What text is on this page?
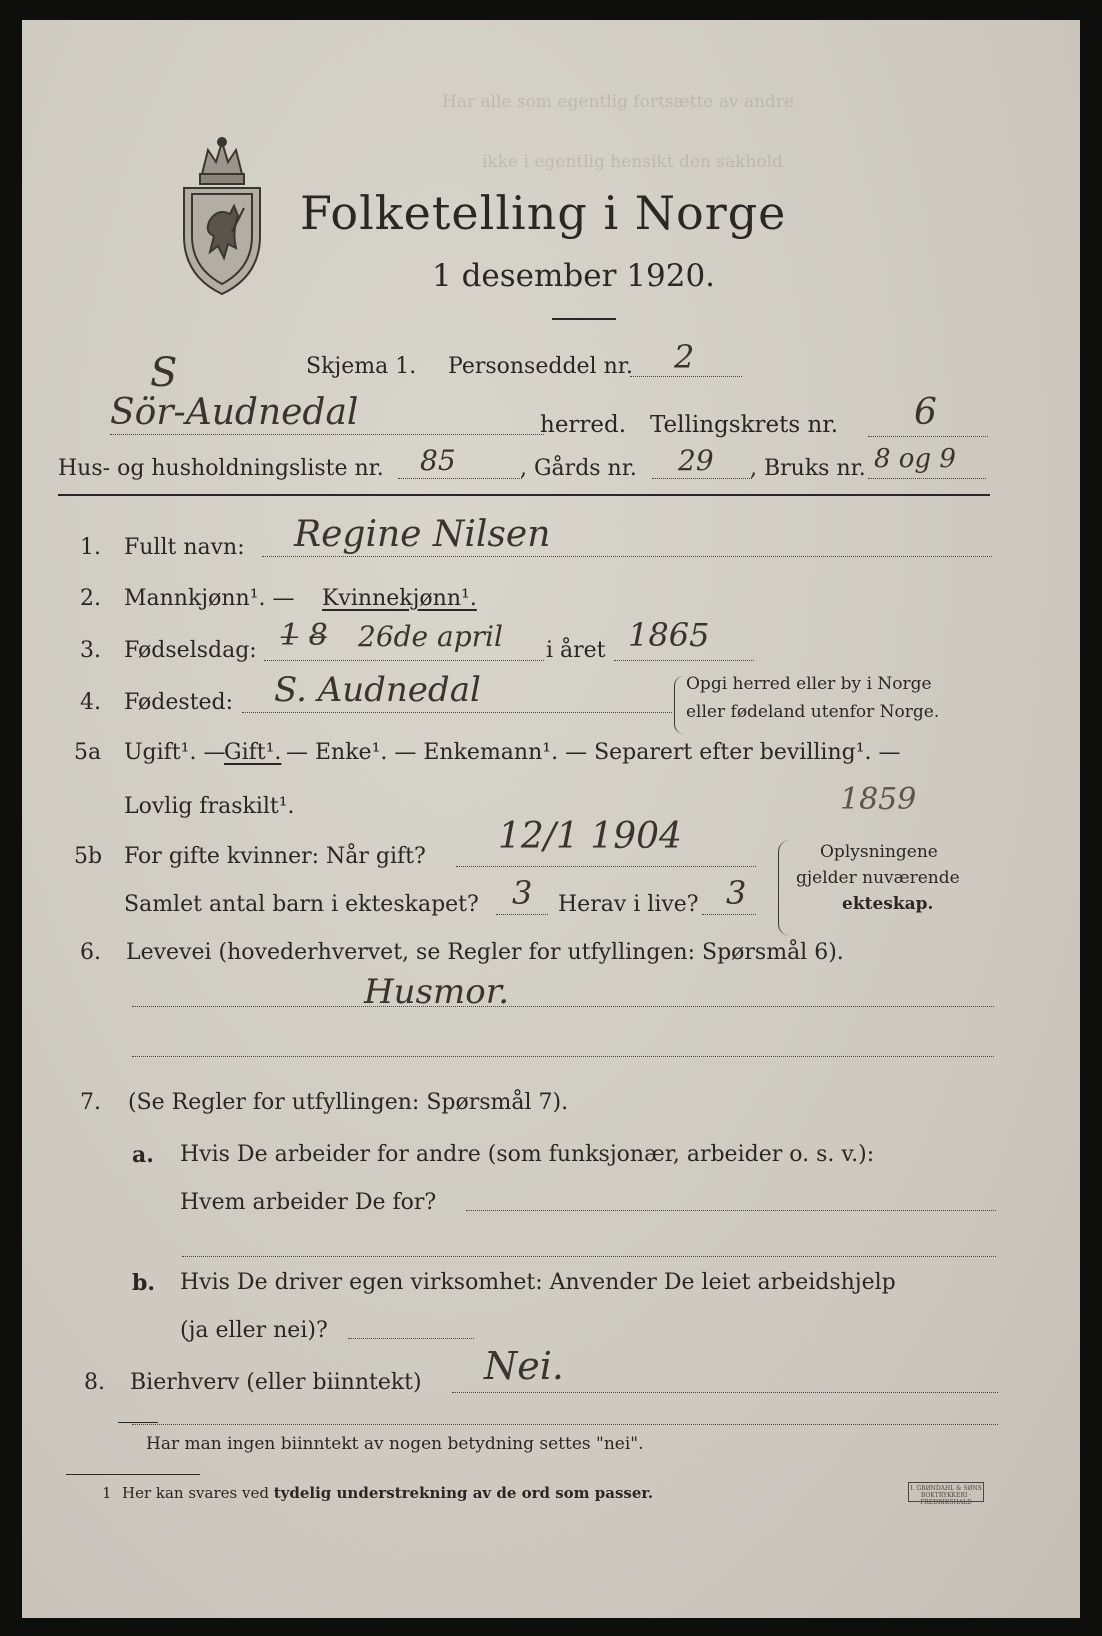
Har alle som egentlig fortsætte av andre
ikke i egentlig hensikt den sakhold
Folketelling i Norge
1 desember 1920.
S	Skjema 1. Personseddel nr. 2
Sör-Audnedal	herred. Tellingskrets nr. 6
Hus- og husholdningsliste nr. 85	, Gårds nr. 29 , Bruks nr. 8 og 9
1. Fullt navn: Regine Nilsen
2. Mannkjønn¹. — Kvinnekjønn¹.
3. Fødselsdag: 1̶ 8̶ 26de april i året 1865
4. Fødested: S. Audnedal	Opgi herred eller by i Norge
eller fødeland utenfor Norge.
5a Ugift¹. —
Gift¹. — Enke¹. — Enkemann¹. — Separert efter bevilling¹. —
Lovlig fraskilt¹.	1859
5b For gifte kvinner: Når gift? 12/1 1904
Samlet antal barn i ekteskapet? 3 Herav i live? 3
Oplysningene
gjelder nuværende
ekteskap.
6. Levevei (hovederhvervet, se Regler for utfyllingen: Spørsmål 6).
Husmor.
7. (Se Regler for utfyllingen: Spørsmål 7).
a. Hvis De arbeider for andre (som funksjonær, arbeider o. s. v.):
Hvem arbeider De for?
b. Hvis De driver egen virksomhet: Anvender De leiet arbeidshjelp
(ja eller nei)?
8. Bierhverv (eller biinntekt) Nei.
Har man ingen biinntekt av nogen betydning settes "nei".
1 Her kan svares ved tydelig understrekning av de ord som passer.	I. GRØNDAHL & SØNS BOKTRYKKERI · FREDRIKSHALD
